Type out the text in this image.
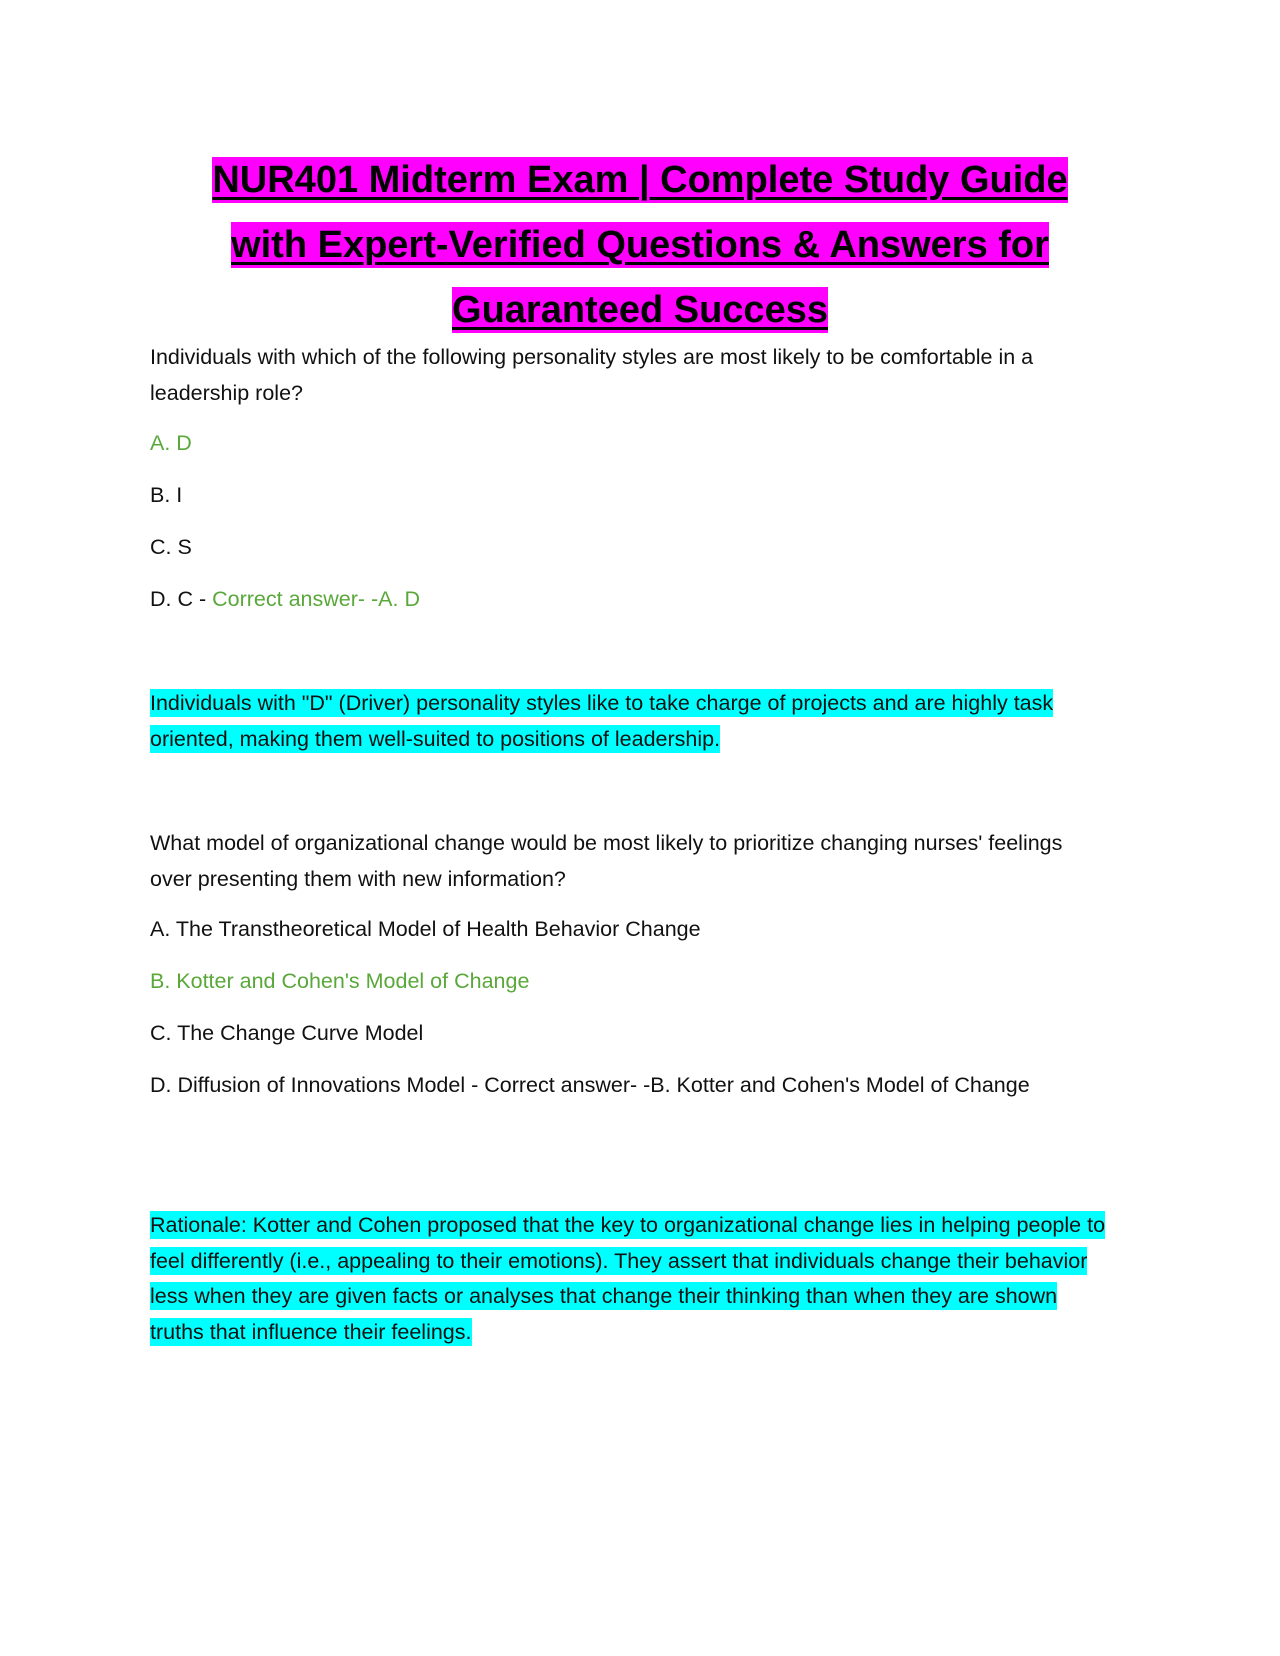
NUR401 Midterm Exam | Complete Study Guide
with Expert-Verified Questions & Answers for
Guaranteed Success
Individuals with which of the following personality styles are most likely to be comfortable in a leadership role?
A. D
B. I
C. S
D. C - Correct answer- -A. D
Individuals with "D" (Driver) personality styles like to take charge of projects and are highly task oriented, making them well-suited to positions of leadership.
What model of organizational change would be most likely to prioritize changing nurses' feelings over presenting them with new information?
A. The Transtheoretical Model of Health Behavior Change
B. Kotter and Cohen's Model of Change
C. The Change Curve Model
D. Diffusion of Innovations Model - Correct answer- -B. Kotter and Cohen's Model of Change
Rationale: Kotter and Cohen proposed that the key to organizational change lies in helping people to feel differently (i.e., appealing to their emotions). They assert that individuals change their behavior less when they are given facts or analyses that change their thinking than when they are shown truths that influence their feelings.
